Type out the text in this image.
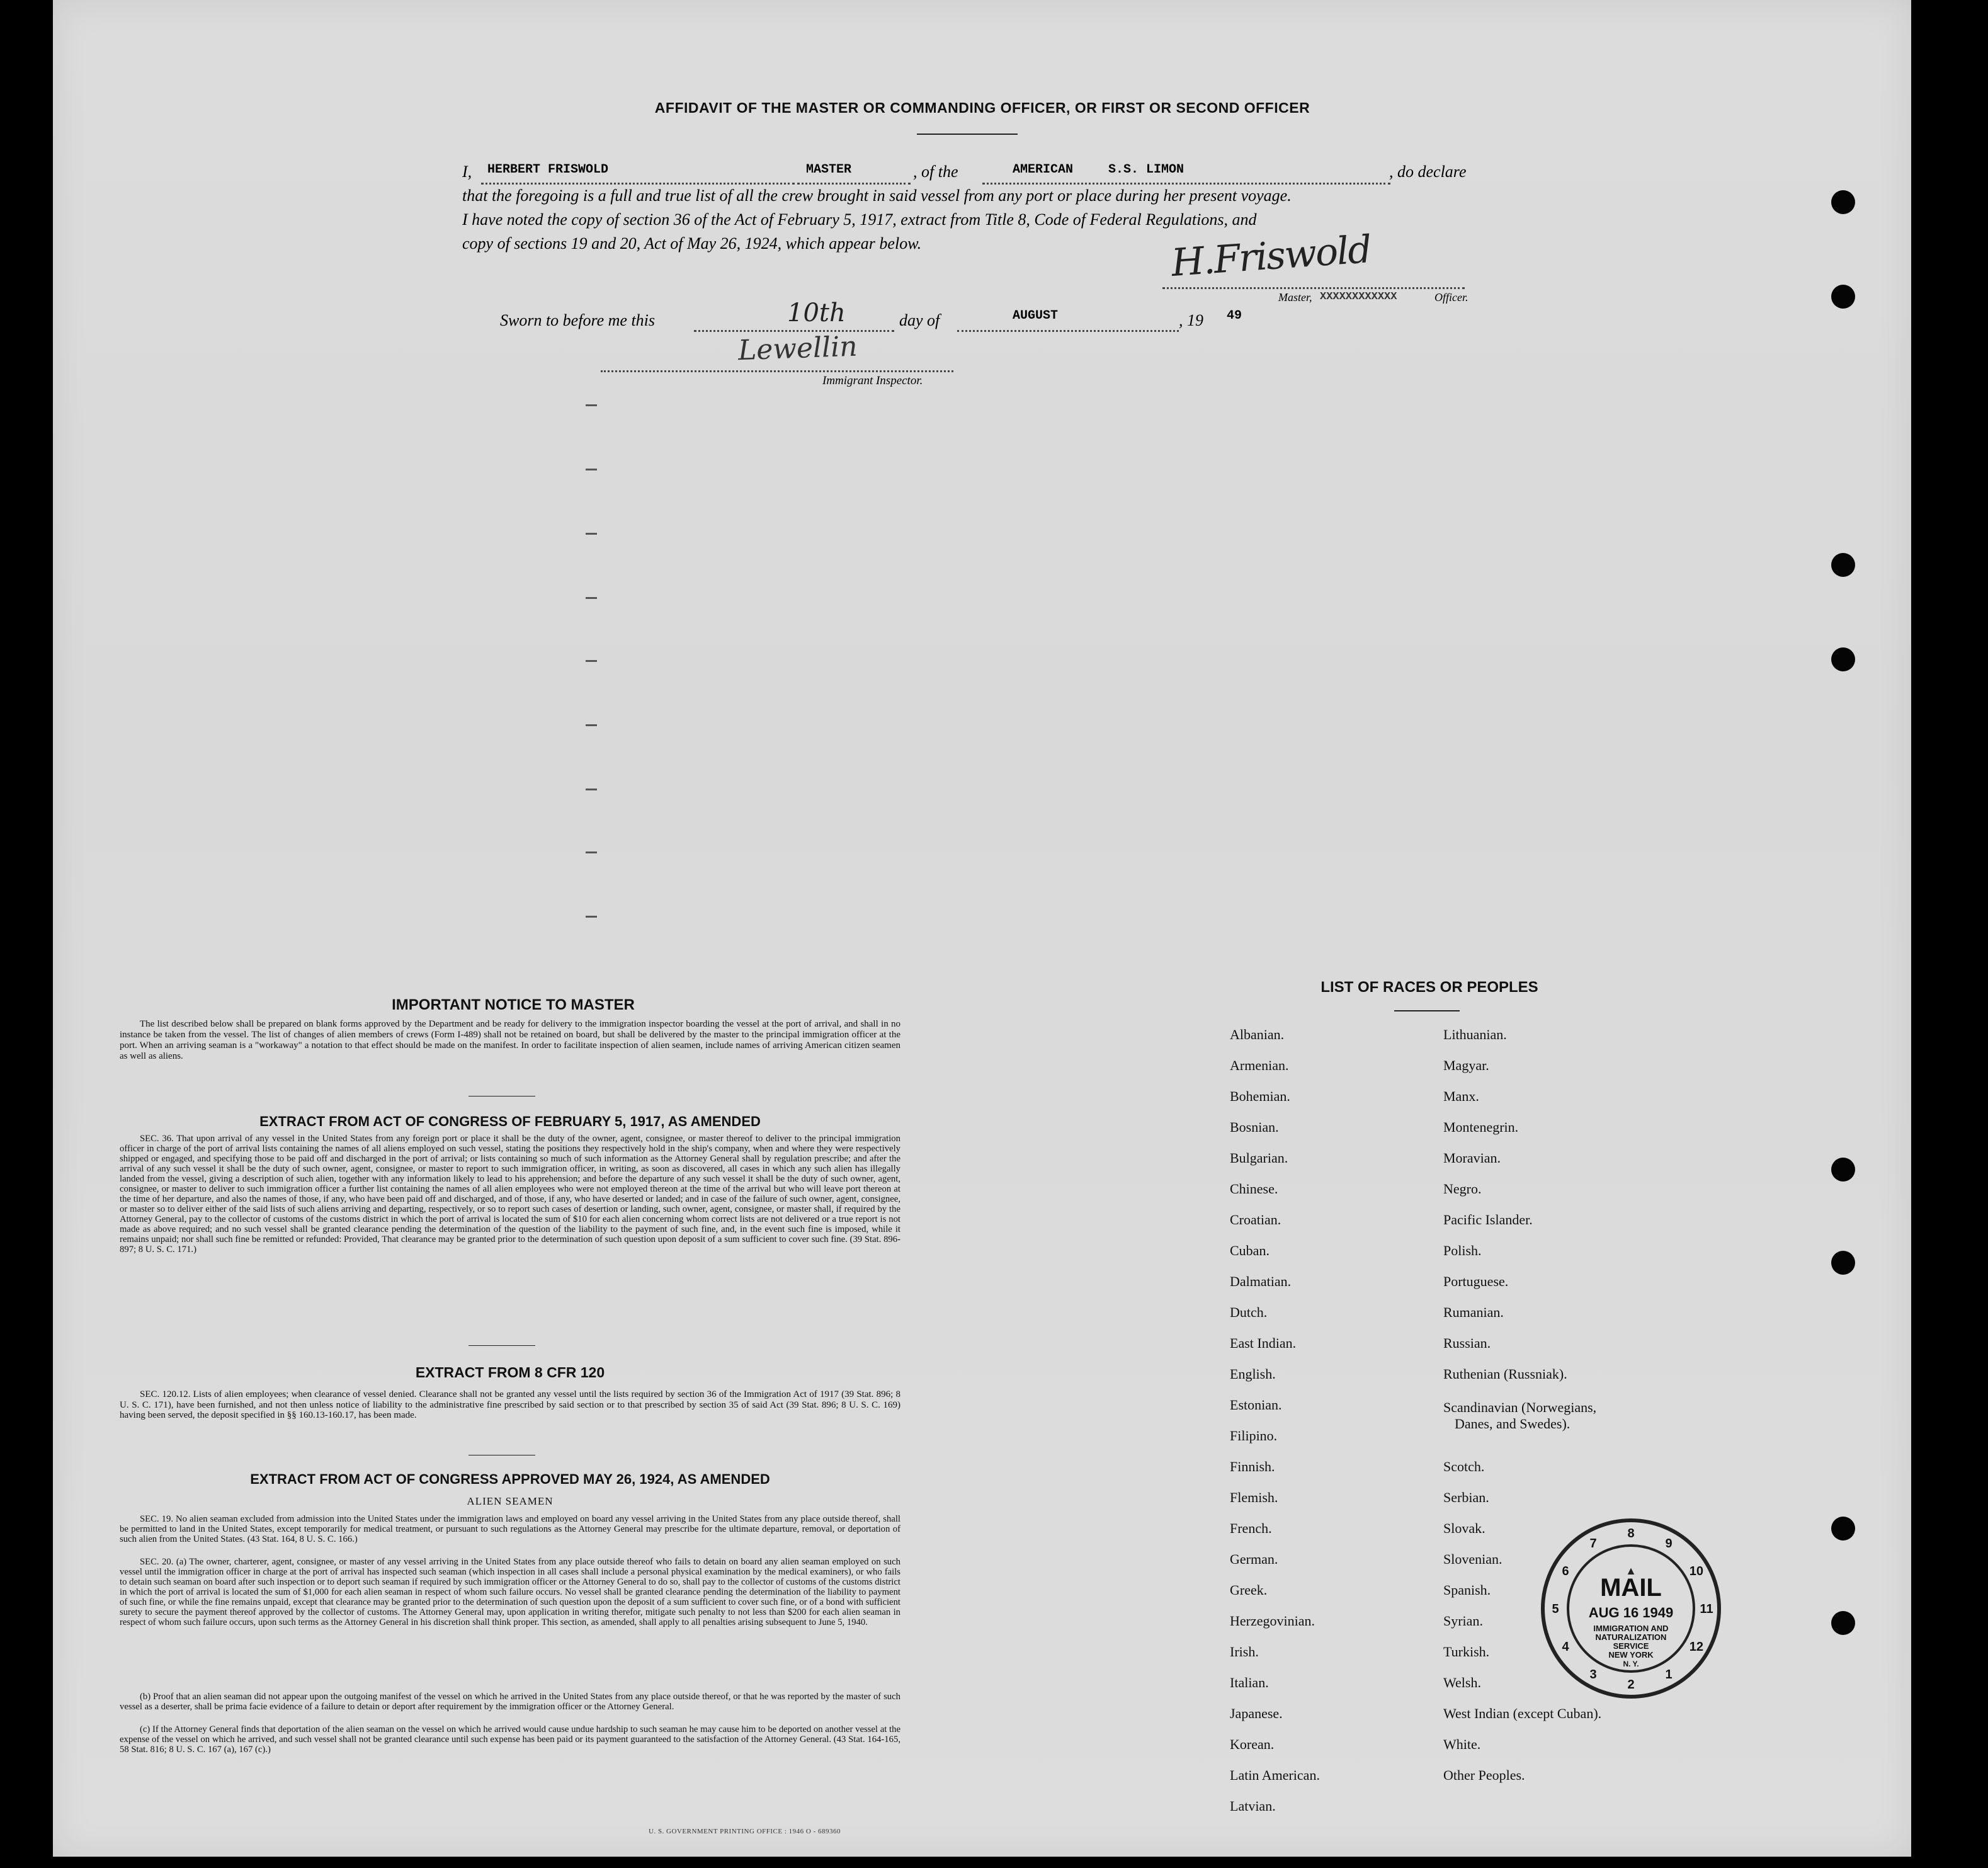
AFFIDAVIT OF THE MASTER OR COMMANDING OFFICER, OR FIRST OR SECOND OFFICER
I, HERBERT FRISWOLD	MASTER	, of the	AMERICAN	S.S. LIMON	, do declare
that the foregoing is a full and true list of all the crew brought in said vessel from any port or place during her present voyage.
I have noted the copy of section 36 of the Act of February 5, 1917, extract from Title 8, Code of Federal Regulations, and
copy of sections 19 and 20, Act of May 26, 1924, which appear below.	H.Friswold
Master, XXXXXXXXXXXX	Officer.
Sworn to before me this	10th	day of	AUGUST	, 19 49
Lewellin
Immigrant Inspector.
IMPORTANT NOTICE TO MASTER
The list described below shall be prepared on blank forms approved by the Department and be ready for delivery to the immigration inspector boarding the vessel at the port of arrival, and shall in no instance be taken from the vessel. The list of changes of alien members of crews (Form I-489) shall not be retained on board, but shall be delivered by the master to the principal immigration officer at the port. When an arriving seaman is a "workaway" a notation to that effect should be made on the manifest. In order to facilitate inspection of alien seamen, include names of arriving American citizen seamen as well as aliens.
EXTRACT FROM ACT OF CONGRESS OF FEBRUARY 5, 1917, AS AMENDED
SEC. 36. That upon arrival of any vessel in the United States from any foreign port or place it shall be the duty of the owner, agent, consignee, or master thereof to deliver to the principal immigration officer in charge of the port of arrival lists containing the names of all aliens employed on such vessel, stating the positions they respectively hold in the ship's company, when and where they were respectively shipped or engaged, and specifying those to be paid off and discharged in the port of arrival; or lists containing so much of such information as the Attorney General shall by regulation prescribe; and after the arrival of any such vessel it shall be the duty of such owner, agent, consignee, or master to report to such immigration officer, in writing, as soon as discovered, all cases in which any such alien has illegally landed from the vessel, giving a description of such alien, together with any information likely to lead to his apprehension; and before the departure of any such vessel it shall be the duty of such owner, agent, consignee, or master to deliver to such immigration officer a further list containing the names of all alien employees who were not employed thereon at the time of the arrival but who will leave port thereon at the time of her departure, and also the names of those, if any, who have been paid off and discharged, and of those, if any, who have deserted or landed; and in case of the failure of such owner, agent, consignee, or master so to deliver either of the said lists of such aliens arriving and departing, respectively, or so to report such cases of desertion or landing, such owner, agent, consignee, or master shall, if required by the Attorney General, pay to the collector of customs of the customs district in which the port of arrival is located the sum of $10 for each alien concerning whom correct lists are not delivered or a true report is not made as above required; and no such vessel shall be granted clearance pending the determination of the question of the liability to the payment of such fine, and, in the event such fine is imposed, while it remains unpaid; nor shall such fine be remitted or refunded: Provided, That clearance may be granted prior to the determination of such question upon deposit of a sum sufficient to cover such fine. (39 Stat. 896-897; 8 U. S. C. 171.)
EXTRACT FROM 8 CFR 120
SEC. 120.12. Lists of alien employees; when clearance of vessel denied. Clearance shall not be granted any vessel until the lists required by section 36 of the Immigration Act of 1917 (39 Stat. 896; 8 U. S. C. 171), have been furnished, and not then unless notice of liability to the administrative fine prescribed by said section or to that prescribed by section 35 of said Act (39 Stat. 896; 8 U. S. C. 169) having been served, the deposit specified in §§ 160.13-160.17, has been made.
EXTRACT FROM ACT OF CONGRESS APPROVED MAY 26, 1924, AS AMENDED
ALIEN SEAMEN
SEC. 19. No alien seaman excluded from admission into the United States under the immigration laws and employed on board any vessel arriving in the United States from any place outside thereof, shall be permitted to land in the United States, except temporarily for medical treatment, or pursuant to such regulations as the Attorney General may prescribe for the ultimate departure, removal, or deportation of such alien from the United States. (43 Stat. 164, 8 U. S. C. 166.)
SEC. 20. (a) The owner, charterer, agent, consignee, or master of any vessel arriving in the United States from any place outside thereof who fails to detain on board any alien seaman employed on such vessel until the immigration officer in charge at the port of arrival has inspected such seaman (which inspection in all cases shall include a personal physical examination by the medical examiners), or who fails to detain such seaman on board after such inspection or to deport such seaman if required by such immigration officer or the Attorney General to do so, shall pay to the collector of customs of the customs district in which the port of arrival is located the sum of $1,000 for each alien seaman in respect of whom such failure occurs. No vessel shall be granted clearance pending the determination of the liability to payment of such fine, or while the fine remains unpaid, except that clearance may be granted prior to the determination of such question upon the deposit of a sum sufficient to cover such fine, or of a bond with sufficient surety to secure the payment thereof approved by the collector of customs. The Attorney General may, upon application in writing therefor, mitigate such penalty to not less than $200 for each alien seaman in respect of whom such failure occurs, upon such terms as the Attorney General in his discretion shall think proper. This section, as amended, shall apply to all penalties arising subsequent to June 5, 1940.
(b) Proof that an alien seaman did not appear upon the outgoing manifest of the vessel on which he arrived in the United States from any place outside thereof, or that he was reported by the master of such vessel as a deserter, shall be prima facie evidence of a failure to detain or deport after requirement by the immigration officer or the Attorney General.
(c) If the Attorney General finds that deportation of the alien seaman on the vessel on which he arrived would cause undue hardship to such seaman he may cause him to be deported on another vessel at the expense of the vessel on which he arrived, and such vessel shall not be granted clearance until such expense has been paid or its payment guaranteed to the satisfaction of the Attorney General. (43 Stat. 164-165, 58 Stat. 816; 8 U. S. C. 167 (a), 167 (c).)
U. S. GOVERNMENT PRINTING OFFICE : 1946 O - 689360
LIST OF RACES OR PEOPLES
Albanian.
Armenian.
Bohemian.
Bosnian.
Bulgarian.
Chinese.
Croatian.
Cuban.
Dalmatian.
Dutch.
East Indian.
English.
Estonian.
Filipino.
Finnish.
Flemish.
French.
German.
Greek.
Herzegovinian.
Irish.
Italian.
Japanese.
Korean.
Latin American.
Latvian.
Lithuanian.
Magyar.
Manx.
Montenegrin.
Moravian.
Negro.
Pacific Islander.
Polish.
Portuguese.
Rumanian.
Russian.
Ruthenian (Russniak).
Scandinavian (Norwegians,
Danes, and Swedes).
Scotch.
Serbian.
Slovak.
Slovenian.
Spanish.
Syrian.
Turkish.
Welsh.
West Indian (except Cuban).
White.
Other Peoples.
9
10
11
12
1
2
3
4
5
6
7
8
▲
MAIL
AUG 16 1949
IMMIGRATION AND
NATURALIZATION
SERVICE
NEW YORK
N. Y.
